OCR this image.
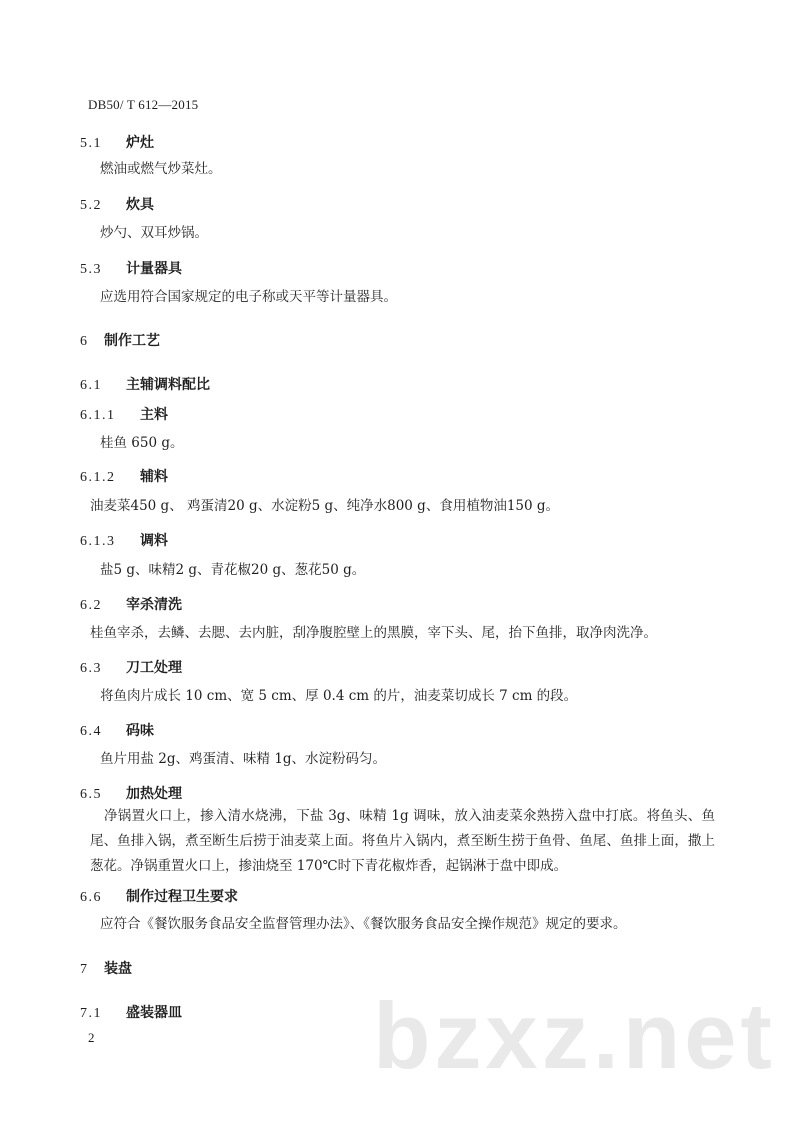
DB50/ T 612—2015
5.1 炉灶
燃油或燃气炒菜灶。
5.2 炊具
炒勺、双耳炒锅。
5.3 计量器具
应选用符合国家规定的电子称或天平等计量器具。
6 制作工艺
6.1 主辅调料配比
6.1.1 主料
桂鱼 650 g。
6.1.2 辅料
油麦菜450 g、 鸡蛋清20 g、水淀粉5 g、纯净水800 g、食用植物油150 g。
6.1.3 调料
盐5 g、味精2 g、青花椒20 g、葱花50 g。
6.2 宰杀清洗
桂鱼宰杀，去鳞、去腮、去内脏，刮净腹腔壁上的黑膜，宰下头、尾，抬下鱼排，取净肉洗净。
6.3 刀工处理
将鱼肉片成长 10 cm、宽 5 cm、厚 0.4 cm 的片，油麦菜切成长 7 cm 的段。
6.4 码味
鱼片用盐 2g、鸡蛋清、味精 1g、水淀粉码匀。
6.5 加热处理
净锅置火口上，掺入清水烧沸，下盐 3g、味精 1g 调味，放入油麦菜氽熟捞入盘中打底。将鱼头、鱼尾、鱼排入锅，煮至断生后捞于油麦菜上面。将鱼片入锅内，煮至断生捞于鱼骨、鱼尾、鱼排上面，撒上葱花。净锅重置火口上，掺油烧至 170℃时下青花椒炸香，起锅淋于盘中即成。
6.6 制作过程卫生要求
应符合《餐饮服务食品安全监督管理办法》、《餐饮服务食品安全操作规范》规定的要求。
7 装盘
7.1 盛装器皿 bzxz.net
2
